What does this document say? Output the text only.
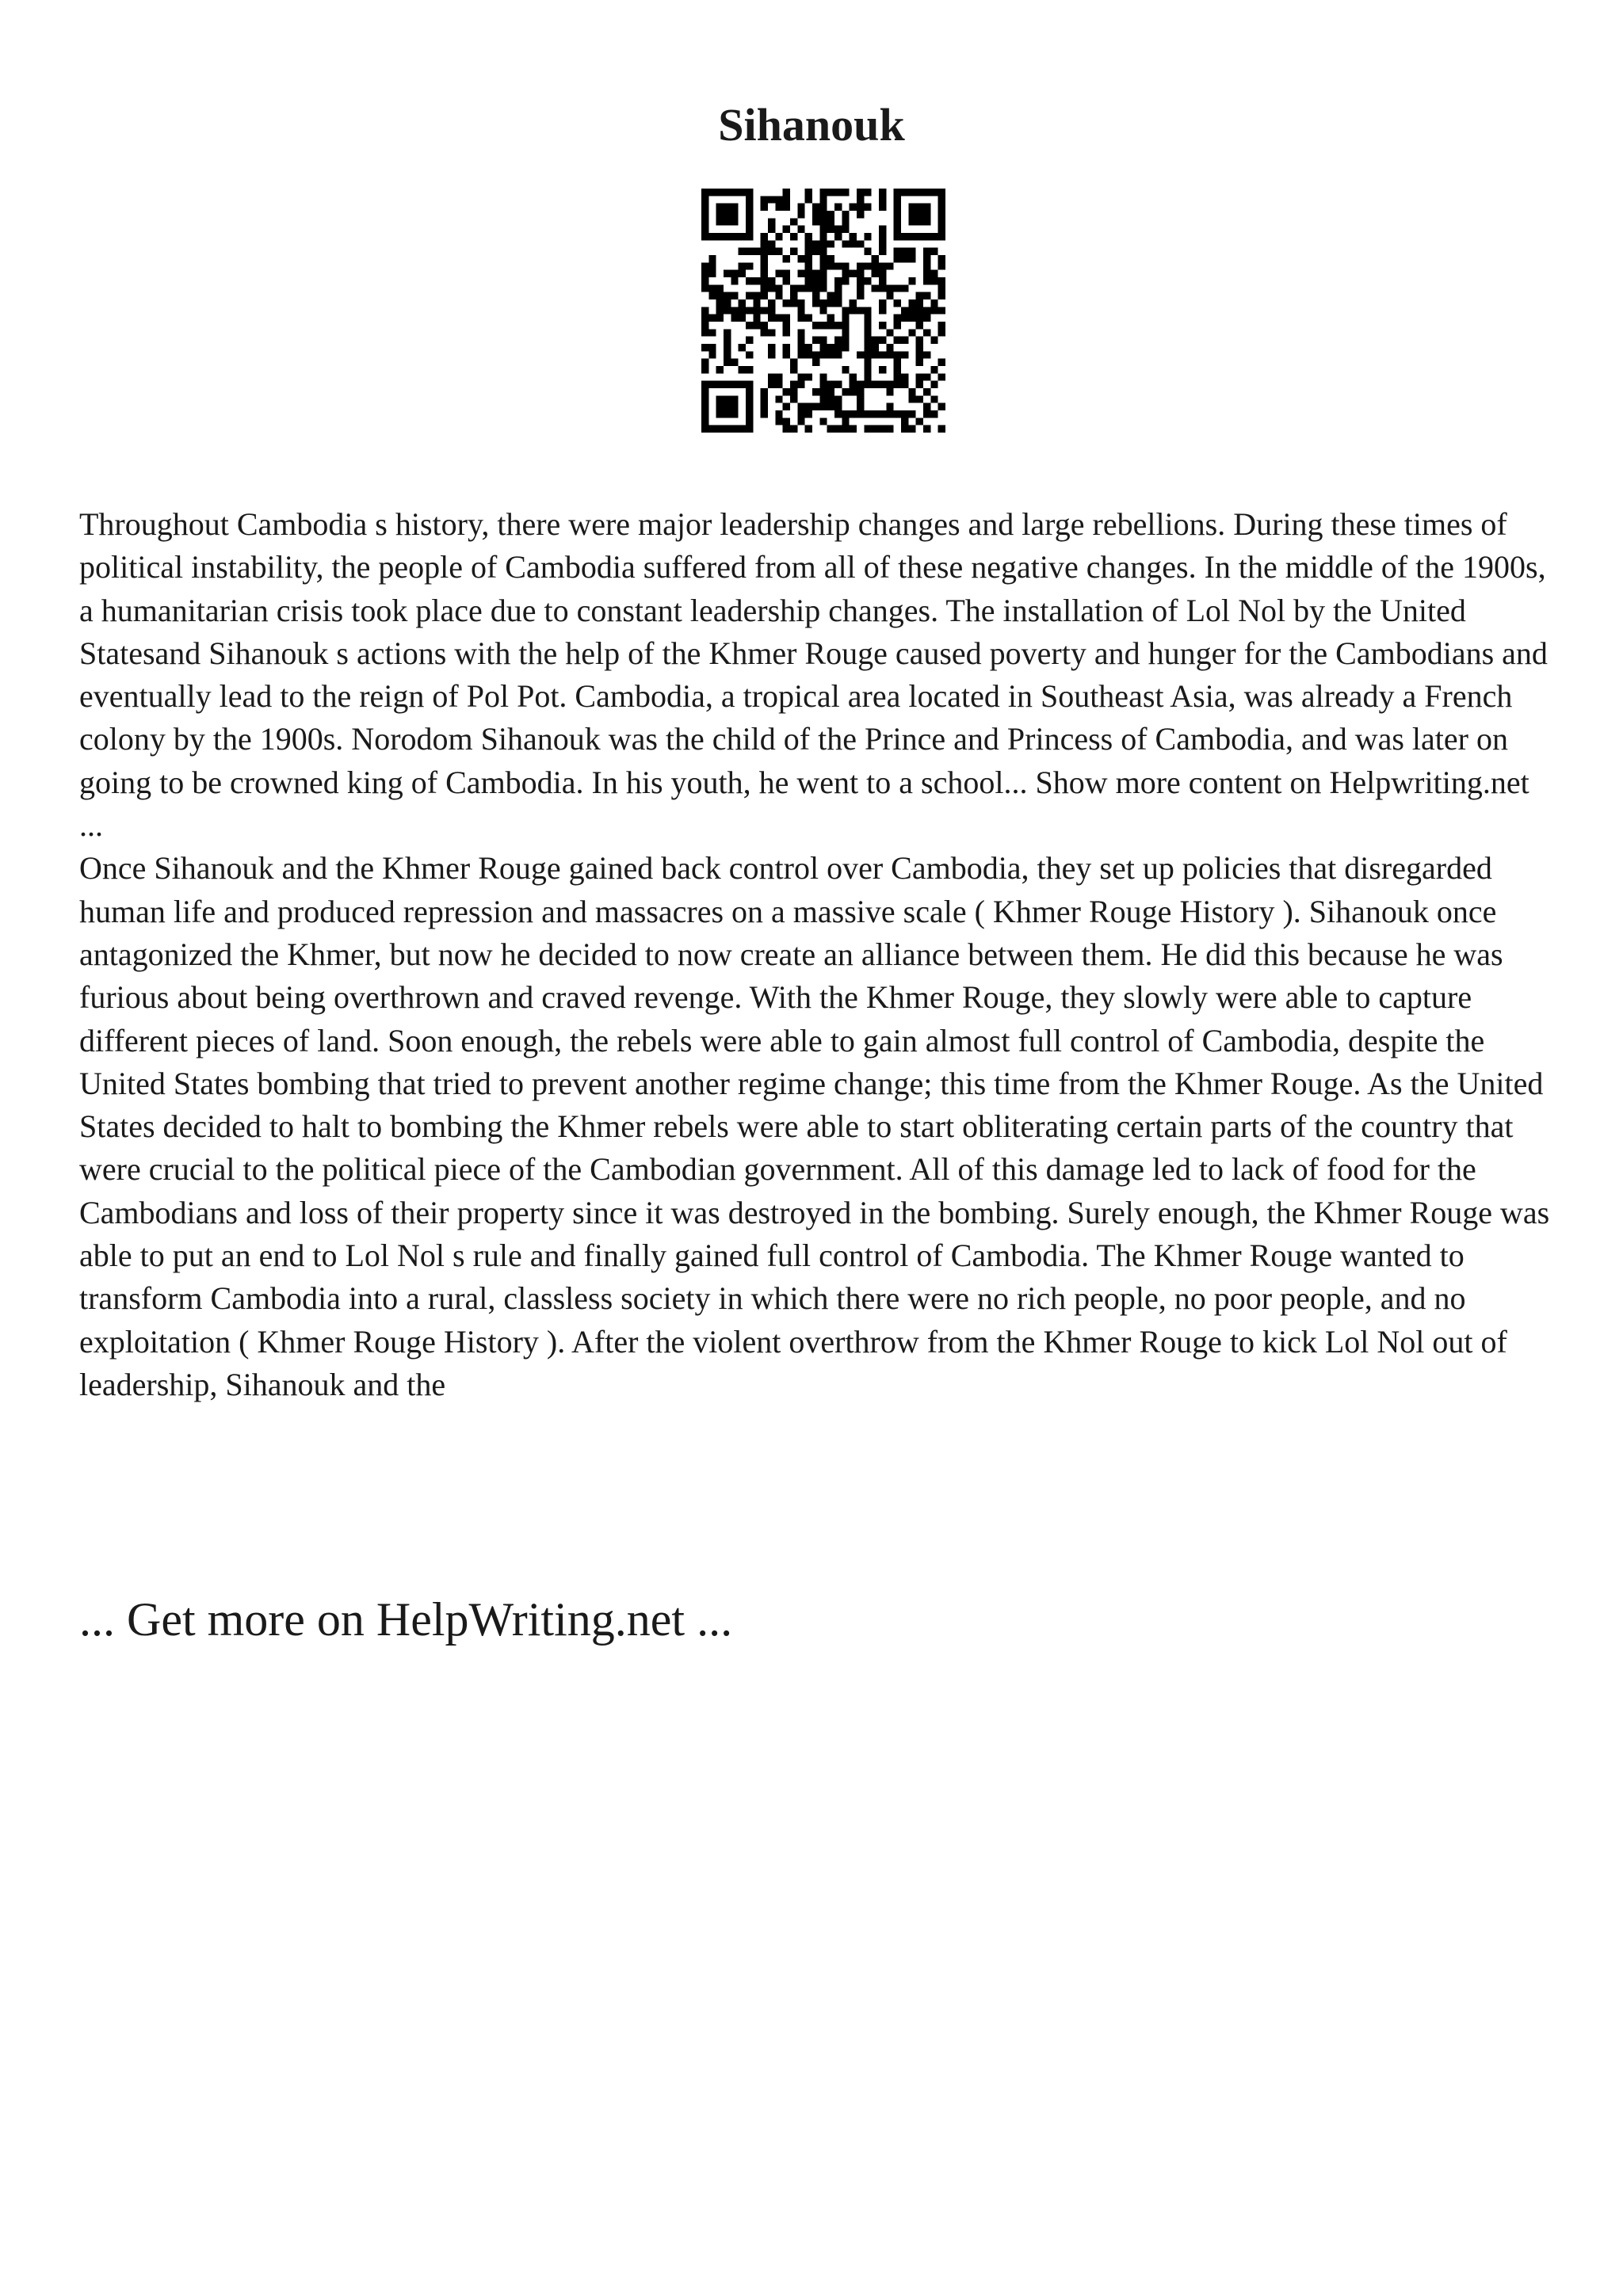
Sihanouk

Throughout Cambodia s history, there were major leadership changes and large rebellions. During these times of political instability, the people of Cambodia suffered from all of these negative changes. In the middle of the 1900s, a humanitarian crisis took place due to constant leadership changes. The installation of Lol Nol by the United Statesand Sihanouk s actions with the help of the Khmer Rouge caused poverty and hunger for the Cambodians and eventually lead to the reign of Pol Pot. Cambodia, a tropical area located in Southeast Asia, was already a French colony by the 1900s. Norodom Sihanouk was the child of the Prince and Princess of Cambodia, and was later on going to be crowned king of Cambodia. In his youth, he went to a school... Show more content on Helpwriting.net ...

Once Sihanouk and the Khmer Rouge gained back control over Cambodia, they set up policies that disregarded human life and produced repression and massacres on a massive scale ( Khmer Rouge History ). Sihanouk once antagonized the Khmer, but now he decided to now create an alliance between them. He did this because he was furious about being overthrown and craved revenge. With the Khmer Rouge, they slowly were able to capture different pieces of land. Soon enough, the rebels were able to gain almost full control of Cambodia, despite the United States bombing that tried to prevent another regime change; this time from the Khmer Rouge. As the United States decided to halt to bombing the Khmer rebels were able to start obliterating certain parts of the country that were crucial to the political piece of the Cambodian government. All of this damage led to lack of food for the Cambodians and loss of their property since it was destroyed in the bombing. Surely enough, the Khmer Rouge was able to put an end to Lol Nol s rule and finally gained full control of Cambodia. The Khmer Rouge wanted to transform Cambodia into a rural, classless society in which there were no rich people, no poor people, and no exploitation ( Khmer Rouge History ). After the violent overthrow from the Khmer Rouge to kick Lol Nol out of leadership, Sihanouk and the

... Get more on HelpWriting.net ...
